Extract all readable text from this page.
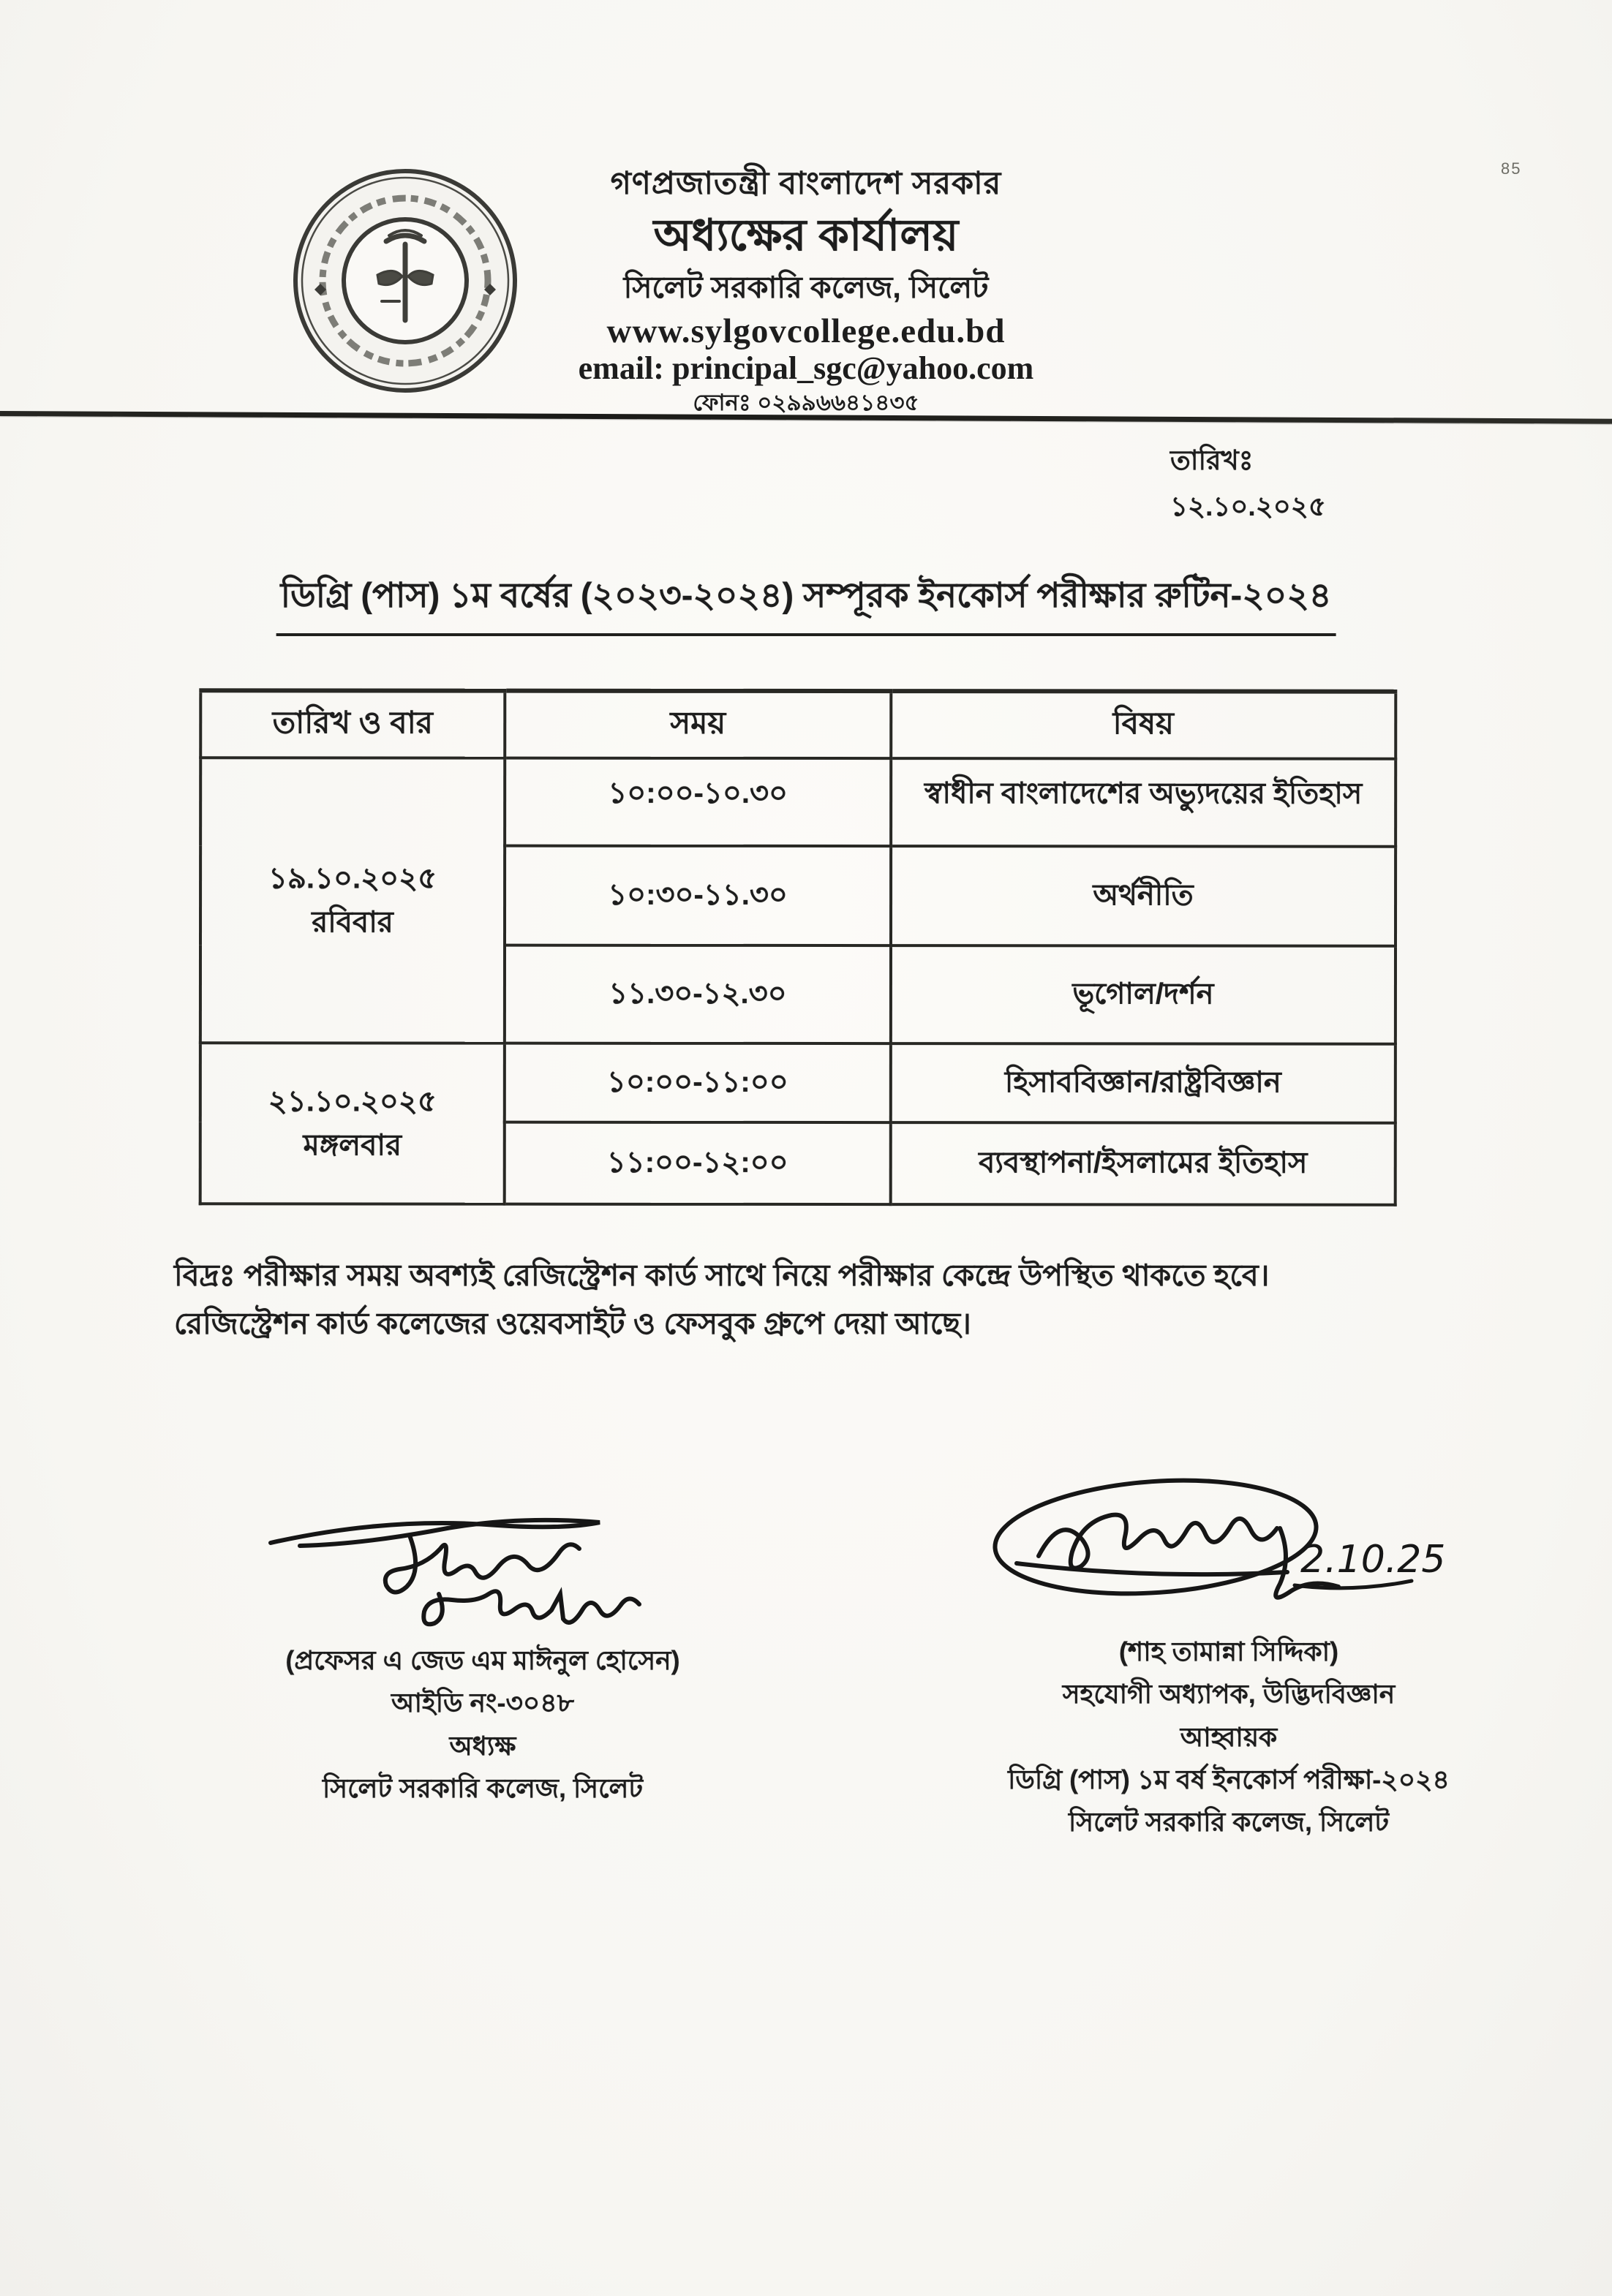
85
গণপ্রজাতন্ত্রী বাংলাদেশ সরকার
অধ্যক্ষের কার্যালয়
সিলেট সরকারি কলেজ, সিলেট
www.sylgovcollege.edu.bd
email: principal_sgc@yahoo.com
ফোনঃ ০২৯৯৬৬৪১৪৩৫
তারিখঃ ১২.১০.২০২৫
ডিগ্রি (পাস) ১ম বর্ষের (২০২৩-২০২৪) সম্পূরক ইনকোর্স পরীক্ষার রুটিন-২০২৪
তারিখ ও বার	সময়	বিষয়

১৯.১০.২০২৫
রবিবার	১০:০০-১০.৩০	স্বাধীন বাংলাদেশের অভ্যুদয়ের ইতিহাস
	১০:৩০-১১.৩০	অর্থনীতি
	১১.৩০-১২.৩০	ভূগোল/দর্শন

২১.১০.২০২৫
মঙ্গলবার	১০:০০-১১:০০	হিসাববিজ্ঞান/রাষ্ট্রবিজ্ঞান
	১১:০০-১২:০০	ব্যবস্থাপনা/ইসলামের ইতিহাস
বিদ্রঃ পরীক্ষার সময় অবশ্যই রেজিস্ট্রেশন কার্ড সাথে নিয়ে পরীক্ষার কেন্দ্রে উপস্থিত থাকতে হবে।
রেজিস্ট্রেশন কার্ড কলেজের ওয়েবসাইট ও ফেসবুক গ্রুপে দেয়া আছে।
(প্রফেসর এ জেড এম মাঈনুল হোসেন)
আইডি নং-৩০৪৮
অধ্যক্ষ
সিলেট সরকারি কলেজ, সিলেট
2.10.25
(শাহ তামান্না সিদ্দিকা)
সহযোগী অধ্যাপক, উদ্ভিদবিজ্ঞান
আহ্বায়ক
ডিগ্রি (পাস) ১ম বর্ষ ইনকোর্স পরীক্ষা-২০২৪
সিলেট সরকারি কলেজ, সিলেট
